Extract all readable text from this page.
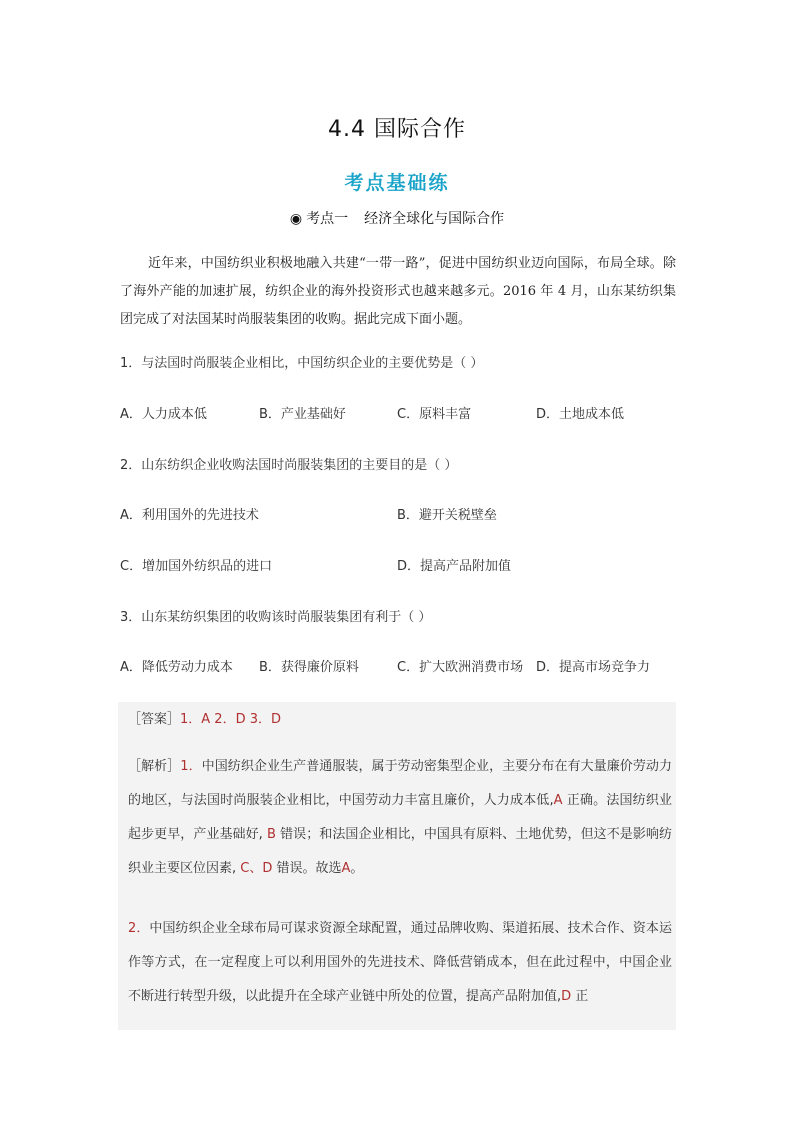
4.4 国际合作
考点基础练
◉ 考点一 经济全球化与国际合作
近年来，中国纺织业积极地融入共建“一带一路”，促进中国纺织业迈向国际，布局全球。除了海外产能的加速扩展，纺织企业的海外投资形式也越来越多元。2016 年 4 月，山东某纺织集团完成了对法国某时尚服装集团的收购。据此完成下面小题。
1．与法国时尚服装企业相比，中国纺织企业的主要优势是（ ）
A．人力成本低	B．产业基础好	C．原料丰富	D．土地成本低
2．山东纺织企业收购法国时尚服装集团的主要目的是（ ）
A．利用国外的先进技术	B．避开关税壁垒
C．增加国外纺织品的进口	D．提高产品附加值
3．山东某纺织集团的收购该时尚服装集团有利于（ ）
A．降低劳动力成本 B．获得廉价原料	C．扩大欧洲消费市场 D．提高市场竞争力
［答案］1．A 2．D 3．D
［解析］1．中国纺织企业生产普通服装，属于劳动密集型企业，主要分布在有大量廉价劳动力的地区，与法国时尚服装企业相比，中国劳动力丰富且廉价，人力成本低,A 正确。法国纺织业起步更早，产业基础好, B 错误；和法国企业相比，中国具有原料、土地优势，但这不是影响纺织业主要区位因素, C、D 错误。故选A。
2．中国纺织企业全球布局可谋求资源全球配置，通过品牌收购、渠道拓展、技术合作、资本运作等方式，在一定程度上可以利用国外的先进技术、降低营销成本，但在此过程中，中国企业不断进行转型升级，以此提升在全球产业链中所处的位置，提高产品附加值,D 正
